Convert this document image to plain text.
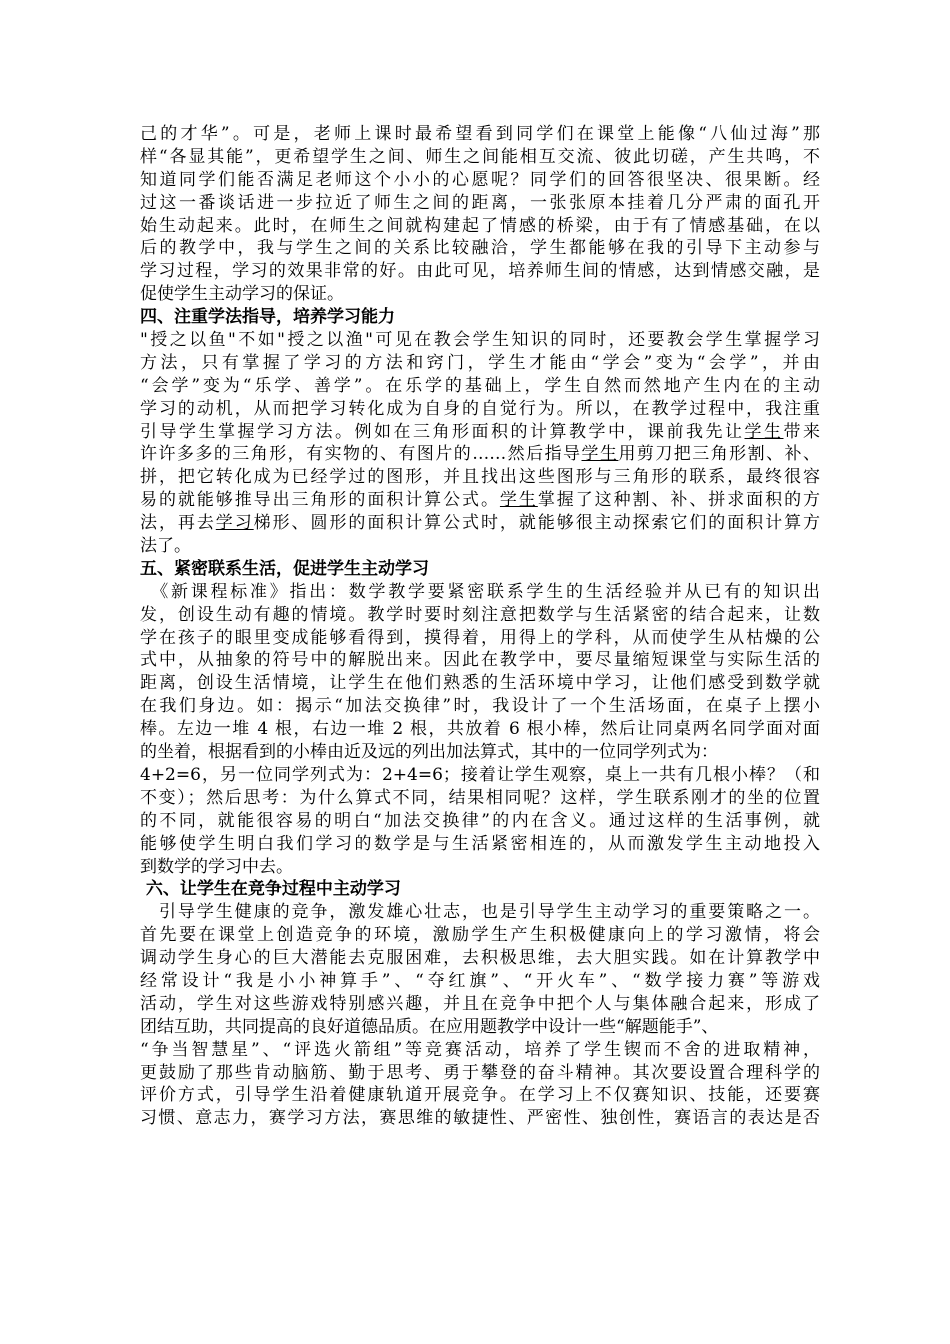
己的才华”。可是，老师上课时最希望看到同学们在课堂上能像“八仙过海”那
样“各显其能”，更希望学生之间、师生之间能相互交流、彼此切磋，产生共鸣，不
知道同学们能否满足老师这个小小的心愿呢？同学们的回答很坚决、很果断。经
过这一番谈话进一步拉近了师生之间的距离，一张张原本挂着几分严肃的面孔开
始生动起来。此时，在师生之间就构建起了情感的桥梁，由于有了情感基础，在以
后的教学中，我与学生之间的关系比较融洽，学生都能够在我的引导下主动参与
学习过程，学习的效果非常的好。由此可见，培养师生间的情感，达到情感交融，是
促使学生主动学习的保证。
四、注重学法指导，培养学习能力
"授之以鱼"不如"授之以渔"可见在教会学生知识的同时，还要教会学生掌握学习
方法，只有掌握了学习的方法和窍门，学生才能由“学会”变为“会学”，并由
“会学”变为“乐学、善学”。在乐学的基础上，学生自然而然地产生内在的主动
学习的动机，从而把学习转化成为自身的自觉行为。所以，在教学过程中，我注重
引导学生掌握学习方法。例如在三角形面积的计算教学中，课前我先让学生带来
许许多多的三角形，有实物的、有图片的……然后指导学生用剪刀把三角形割、补、
拼，把它转化成为已经学过的图形，并且找出这些图形与三角形的联系，最终很容
易的就能够推导出三角形的面积计算公式。学生掌握了这种割、补、拼求面积的方
法，再去学习梯形、圆形的面积计算公式时，就能够很主动探索它们的面积计算方
法了。
五、紧密联系生活，促进学生主动学习
　《新课程标准》指出：数学教学要紧密联系学生的生活经验并从已有的知识出
发，创设生动有趣的情境。教学时要时刻注意把数学与生活紧密的结合起来，让数
学在孩子的眼里变成能够看得到，摸得着，用得上的学科，从而使学生从枯燥的公
式中，从抽象的符号中的解脱出来。因此在教学中，要尽量缩短课堂与实际生活的
距离，创设生活情境，让学生在他们熟悉的生活环境中学习，让他们感受到数学就
在我们身边。如：揭示“加法交换律”时，我设计了一个生活场面，在桌子上摆小
棒。左边一堆 4 根，右边一堆 2 根，共放着 6 根小棒，然后让同桌两名同学面对面
的坐着，根据看到的小棒由近及远的列出加法算式，其中的一位同学列式为：
4+2=6，另一位同学列式为：2+4=6；接着让学生观察，桌上一共有几根小棒？（和
不变）；然后思考：为什么算式不同，结果相同呢？这样，学生联系刚才的坐的位置
的不同，就能很容易的明白“加法交换律”的内在含义。通过这样的生活事例，就
能够使学生明白我们学习的数学是与生活紧密相连的，从而激发学生主动地投入
到数学的学习中去。
六、让学生在竞争过程中主动学习
　引导学生健康的竞争，激发雄心壮志，也是引导学生主动学习的重要策略之一。
首先要在课堂上创造竞争的环境，激励学生产生积极健康向上的学习激情，将会
调动学生身心的巨大潜能去克服困难，去积极思维，去大胆实践。如在计算教学中
经常设计“我是小小神算手”、“夺红旗”、“开火车”、“数学接力赛”等游戏
活动，学生对这些游戏特别感兴趣，并且在竞争中把个人与集体融合起来，形成了
团结互助，共同提高的良好道德品质。在应用题教学中设计一些“解题能手”、
“争当智慧星”、“评选火箭组”等竞赛活动，培养了学生锲而不舍的进取精神，
更鼓励了那些肯动脑筋、勤于思考、勇于攀登的奋斗精神。其次要设置合理科学的
评价方式，引导学生沿着健康轨道开展竞争。在学习上不仅赛知识、技能，还要赛
习惯、意志力，赛学习方法，赛思维的敏捷性、严密性、独创性，赛语言的表达是否
